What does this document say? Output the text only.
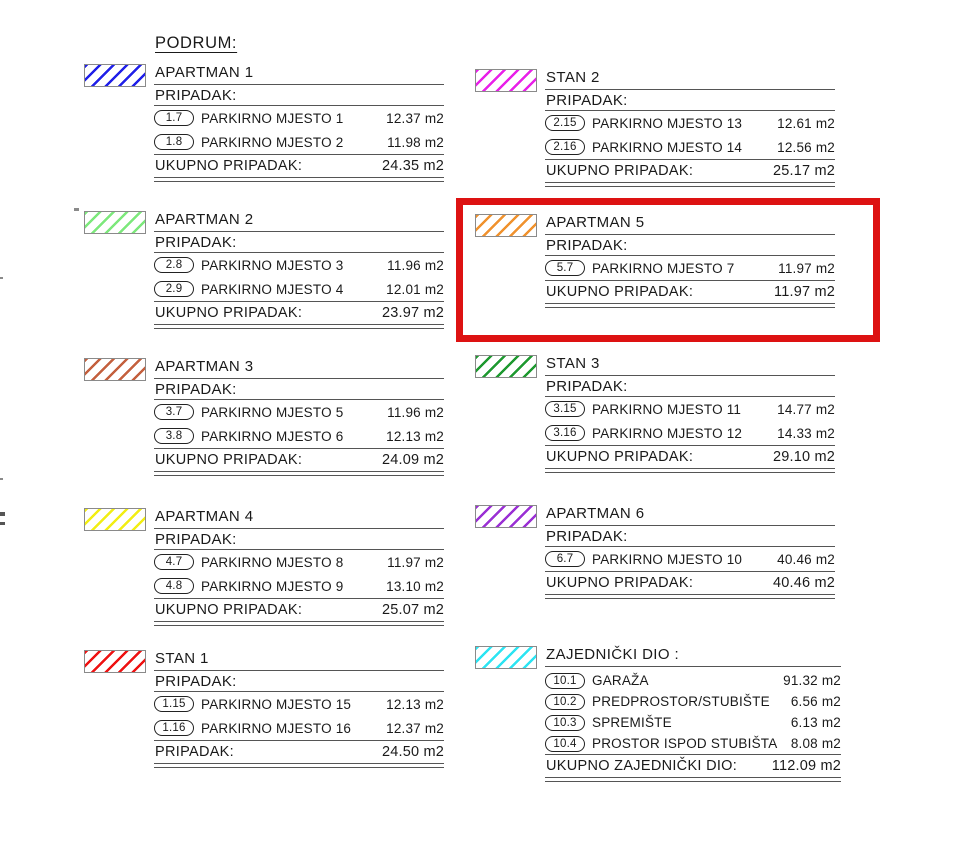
PODRUM:
APARTMAN 1
PRIPADAK:
1.7	PARKIRNO MJESTO 1	12.37 m2
1.8	PARKIRNO MJESTO 2	11.98 m2
UKUPNO PRIPADAK:	24.35 m2
APARTMAN 2
PRIPADAK:
2.8	PARKIRNO MJESTO 3	11.96 m2
2.9	PARKIRNO MJESTO 4	12.01 m2
UKUPNO PRIPADAK:	23.97 m2
APARTMAN 3
PRIPADAK:
3.7	PARKIRNO MJESTO 5	11.96 m2
3.8	PARKIRNO MJESTO 6	12.13 m2
UKUPNO PRIPADAK:	24.09 m2
APARTMAN 4
PRIPADAK:
4.7	PARKIRNO MJESTO 8	11.97 m2
4.8	PARKIRNO MJESTO 9	13.10 m2
UKUPNO PRIPADAK:	25.07 m2
STAN 1
PRIPADAK:
1.15	PARKIRNO MJESTO 15	12.13 m2
1.16	PARKIRNO MJESTO 16	12.37 m2
PRIPADAK:	24.50 m2
STAN 2
PRIPADAK:
2.15	PARKIRNO MJESTO 13	12.61 m2
2.16	PARKIRNO MJESTO 14	12.56 m2
UKUPNO PRIPADAK:	25.17 m2
APARTMAN 5
PRIPADAK:
5.7	PARKIRNO MJESTO 7	11.97 m2
UKUPNO PRIPADAK:	11.97 m2
STAN 3
PRIPADAK:
3.15	PARKIRNO MJESTO 11	14.77 m2
3.16	PARKIRNO MJESTO 12	14.33 m2
UKUPNO PRIPADAK:	29.10 m2
APARTMAN 6
PRIPADAK:
6.7	PARKIRNO MJESTO 10	40.46 m2
UKUPNO PRIPADAK:	40.46 m2
ZAJEDNIČKI DIO :
10.1	GARAŽA	91.32 m2
10.2	PREDPROSTOR/STUBIŠTE 6.56 m2
10.3	SPREMIŠTE	6.13 m2
10.4	PROSTOR ISPOD STUBIŠTA 8.08 m2
UKUPNO ZAJEDNIČKI DIO: 112.09 m2
